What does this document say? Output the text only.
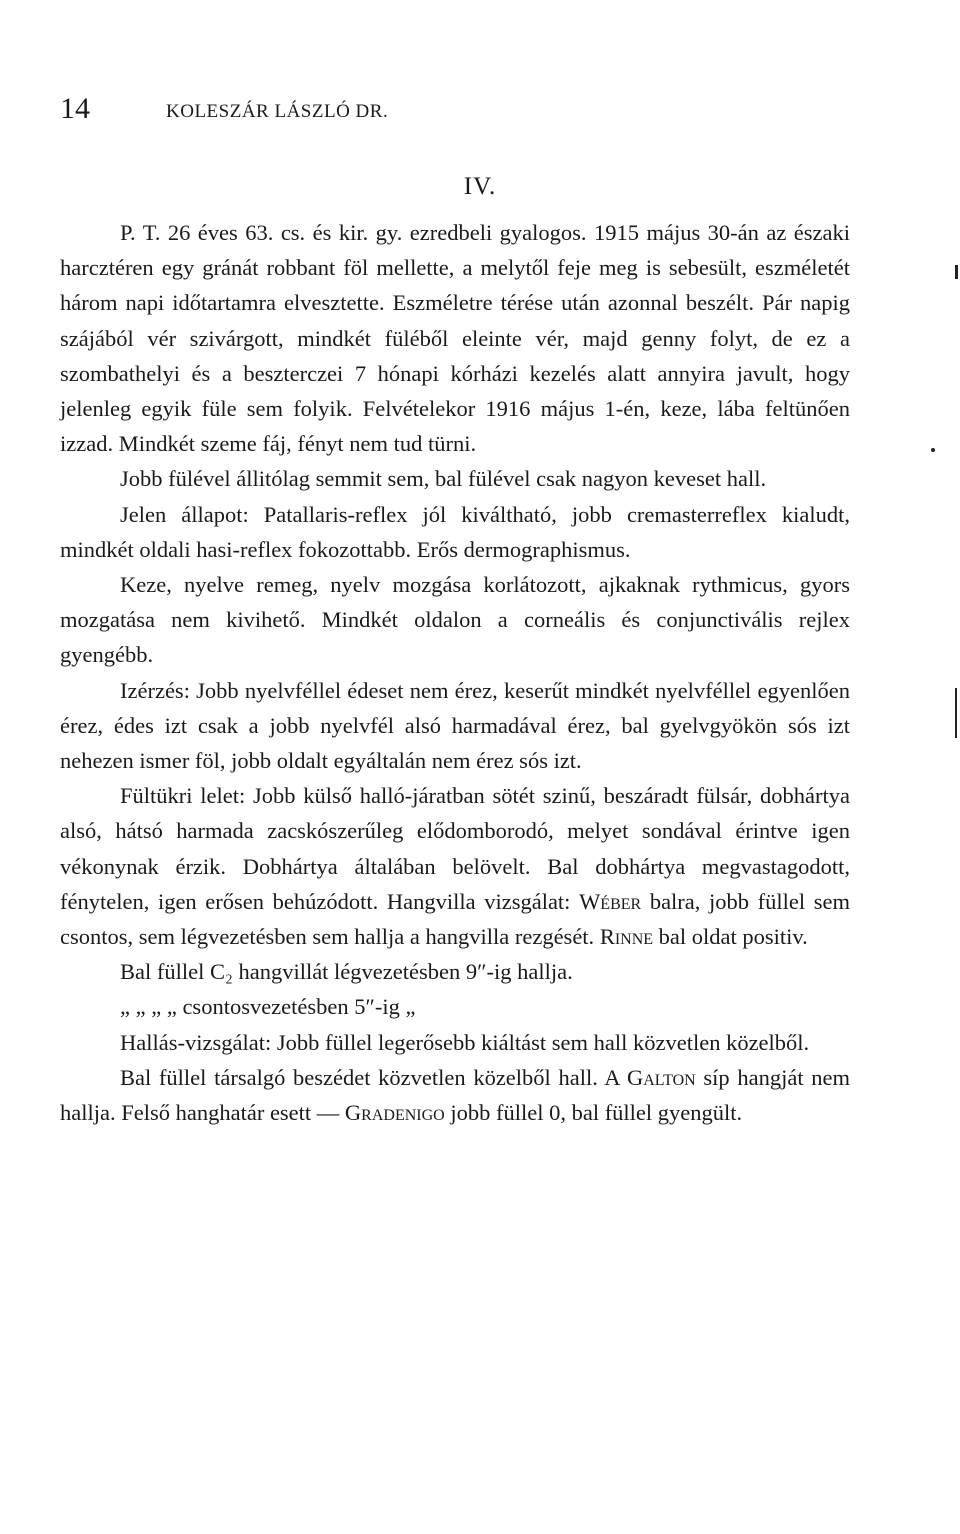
14	KOLESZÁR LÁSZLÓ DR.
IV.

P. T. 26 éves 63. cs. és kir. gy. ezredbeli gyalogos. 1915 május 30-án az északi harcztéren egy gránát robbant föl mellette, a melytől feje meg is sebesült, eszméletét három napi időtartamra elvesztette. Eszméletre térése után azonnal beszélt. Pár napig szájából vér szivárgott, mindkét füléből eleinte vér, majd genny folyt, de ez a szombathelyi és a beszterczei 7 hónapi kórházi kezelés alatt annyira javult, hogy jelenleg egyik füle sem folyik. Felvételekor 1916 május 1-én, keze, lába feltünően izzad. Mindkét szeme fáj, fényt nem tud türni.

Jobb fülével állitólag semmit sem, bal fülével csak nagyon keveset hall.

Jelen állapot: Patallaris-reflex jól kiváltható, jobb cremasterreflex kialudt, mindkét oldali hasi-reflex fokozottabb. Erős dermographismus.

Keze, nyelve remeg, nyelv mozgása korlátozott, ajkaknak rythmicus, gyors mozgatása nem kivihető. Mindkét oldalon a corneális és conjunctivális rejlex gyengébb.

Izérzés: Jobb nyelvféllel édeset nem érez, keserűt mindkét nyelvféllel egyenlően érez, édes izt csak a jobb nyelvfél alsó harmadával érez, bal gyelvgyökön sós izt nehezen ismer föl, jobb oldalt egyáltalán nem érez sós izt.

Fültükri lelet: Jobb külső halló-járatban sötét szinű, beszáradt fülsár, dobhártya alsó, hátsó harmada zacskószerűleg elődomborodó, melyet sondával érintve igen vékonynak érzik. Dobhártya általában belövelt. Bal dobhártya megvastagodott, fénytelen, igen erősen behúzódott. Hangvilla vizsgálat: Wéber balra, jobb füllel sem csontos, sem légvezetésben sem hallja a hangvilla rezgését. Rinne bal oldat positiv.

Bal füllel C₂ hangvillát légvezetésben 9″-ig hallja.

„ „ „ „ csontosvezetésben 5″-ig „

Hallás-vizsgálat: Jobb füllel legerősebb kiáltást sem hall közvetlen közelből.

Bal füllel társalgó beszédet közvetlen közelből hall. A Galton síp hangját nem hallja. Felső hanghatár esett — Gradenigo jobb füllel 0, bal füllel gyengült.
